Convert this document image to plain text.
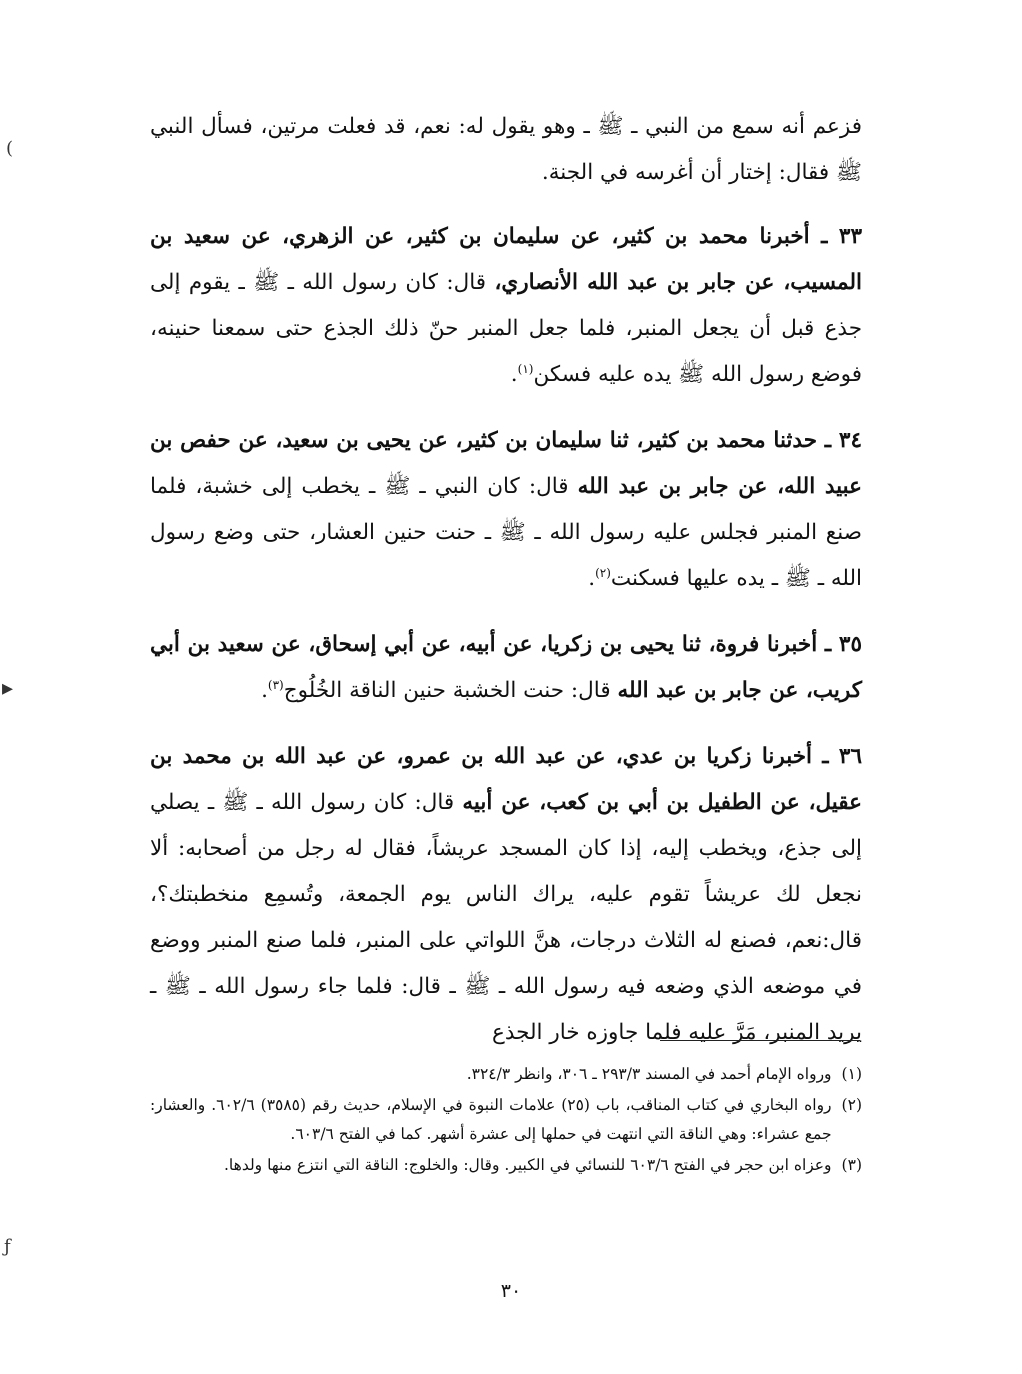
(

فزعم أنه سمع من النبي ـ ﷺ ـ وهو يقول له: نعم، قد فعلت مرتين، فسأل النبي ﷺ فقال: إختار أن أغرسه في الجنة.

٣٣ ـ أخبرنا محمد بن كثير، عن سليمان بن كثير، عن الزهري، عن سعيد بن المسيب، عن جابر بن عبد الله الأنصاري، قال: كان رسول الله ـ ﷺ ـ يقوم إلى جذع قبل أن يجعل المنبر، فلما جعل المنبر حنّ ذلك الجذع حتى سمعنا حنينه، فوضع رسول الله ﷺ يده عليه فسكن$^{(١)}$.

٣٤ ـ حدثنا محمد بن كثير، ثنا سليمان بن كثير، عن يحيى بن سعيد، عن حفص بن عبيد الله، عن جابر بن عبد الله قال: كان النبي ـ ﷺ ـ يخطب إلى خشبة، فلما صنع المنبر فجلس عليه رسول الله ـ ﷺ ـ حنت حنين العشار، حتى وضع رسول الله ـ ﷺ ـ يده عليها فسكنت$^{(٢)}$.

٣٥ ـ أخبرنا فروة، ثنا يحيى بن زكريا، عن أبيه، عن أبي إسحاق، عن سعيد بن أبي كريب، عن جابر بن عبد الله قال: حنت الخشبة حنين الناقة الخُلُوج$^{(٣)}$.

٣٦ ـ أخبرنا زكريا بن عدي، عن عبد الله بن عمرو، عن عبد الله بن محمد بن عقيل، عن الطفيل بن أبي بن كعب، عن أبيه قال: كان رسول الله ـ ﷺ ـ يصلي إلى جذع، ويخطب إليه، إذا كان المسجد عريشاً، فقال له رجل من أصحابه: ألا نجعل لك عريشاً تقوم عليه، يراك الناس يوم الجمعة، وتُسمِع منخطبتك؟، قال:نعم، فصنع له الثلاث درجات، هنَّ اللواتي على المنبر، فلما صنع المنبر ووضع في موضعه الذي وضعه فيه رسول الله ـ ﷺ ـ قال: فلما جاء رسول الله ـ ﷺ ـ يريد المنبر، مَرَّ عليه فلما جاوزه خار الجذع

(١)
ورواه الإمام أحمد في المسند ٢٩٣/٣ ـ ٣٠٦، وانظر ٣٢٤/٣.
(٢)
رواه البخاري في كتاب المناقب، باب (٢٥) علامات النبوة في الإسلام، حديث رقم (٣٥٨٥) ٦٠٢/٦. والعشار: جمع عشراء: وهي الناقة التي انتهت في حملها إلى عشرة أشهر. كما في الفتح ٦٠٣/٦.
(٣)
وعزاه ابن حجر في الفتح ٦٠٣/٦ للنسائي في الكبير. وقال: والخلوج: الناقة التي انتزع منها ولدها.
٣٠
▸
ƒ
